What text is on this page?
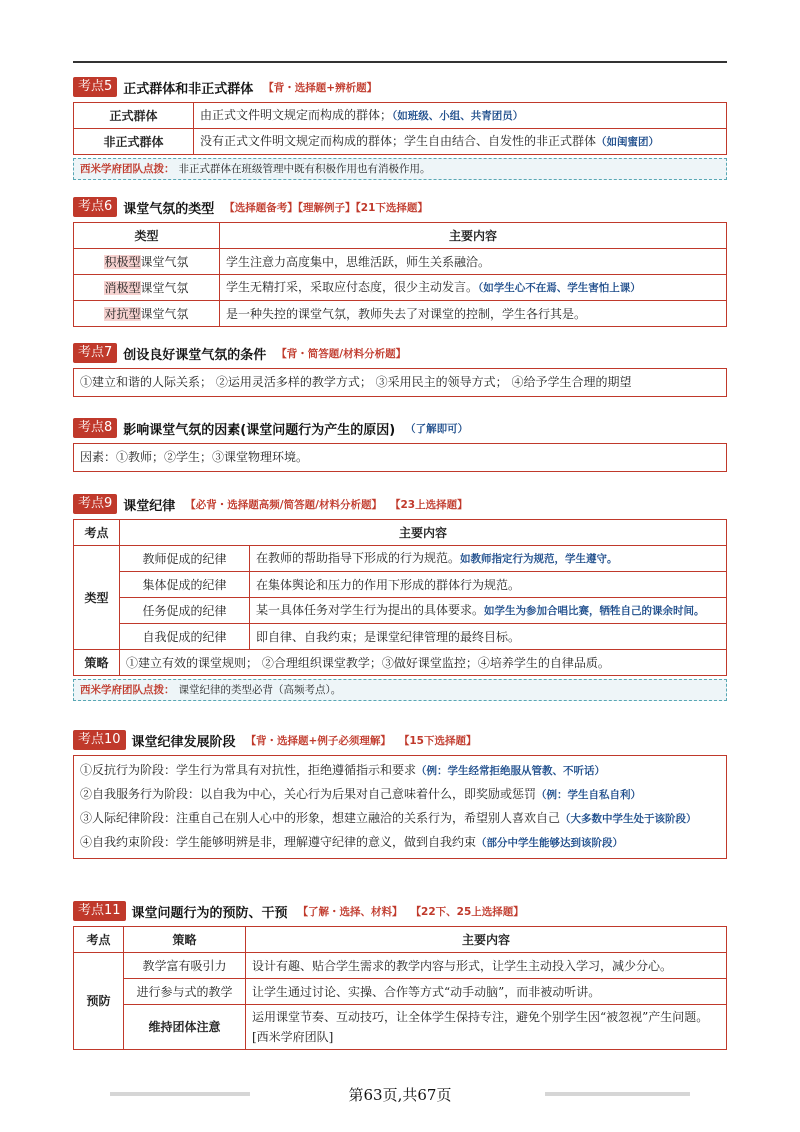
考点5 正式群体和非正式群体 【背・选择题+辨析题】
正式群体	由正式文件明文规定而构成的群体；（如班级、小组、共青团员）
非正式群体	没有正式文件明文规定而构成的群体；学生自由结合、自发性的非正式群体（如闺蜜团）
西米学府团队点拨： 非正式群体在班级管理中既有积极作用也有消极作用。
考点6 课堂气氛的类型 【选择题备考】【理解例子】【21下选择题】
类型	主要内容
积极型课堂气氛	学生注意力高度集中，思维活跃，师生关系融洽。
消极型课堂气氛	学生无精打采，采取应付态度，很少主动发言。（如学生心不在焉、学生害怕上课）
对抗型课堂气氛	是一种失控的课堂气氛，教师失去了对课堂的控制，学生各行其是。
考点7 创设良好课堂气氛的条件 【背・简答题/材料分析题】
①建立和谐的人际关系； ②运用灵活多样的教学方式； ③采用民主的领导方式； ④给予学生合理的期望
考点8 影响课堂气氛的因素(课堂问题行为产生的原因) （了解即可）
因素：①教师；②学生；③课堂物理环境。
考点9 课堂纪律 【必背・选择题高频/简答题/材料分析题】 【23上选择题】
考点	主要内容	
类型	教师促成的纪律	在教师的帮助指导下形成的行为规范。如教师指定行为规范，学生遵守。
	集体促成的纪律	在集体舆论和压力的作用下形成的群体行为规范。
	任务促成的纪律	某一具体任务对学生行为提出的具体要求。如学生为参加合唱比赛，牺牲自己的课余时间。
	自我促成的纪律	即自律、自我约束；是课堂纪律管理的最终目标。
策略	①建立有效的课堂规则； ②合理组织课堂教学；③做好课堂监控；④培养学生的自律品质。	
西米学府团队点拨： 课堂纪律的类型必背（高频考点）。
考点10 课堂纪律发展阶段 【背・选择题+例子必须理解】 【15下选择题】
①反抗行为阶段：学生行为常具有对抗性，拒绝遵循指示和要求（例：学生经常拒绝服从管教、不听话）
②自我服务行为阶段：以自我为中心，关心行为后果对自己意味着什么，即奖励或惩罚（例：学生自私自利）
③人际纪律阶段：注重自己在别人心中的形象，想建立融洽的关系行为，希望别人喜欢自己（大多数中学生处于该阶段）
④自我约束阶段：学生能够明辨是非，理解遵守纪律的意义，做到自我约束（部分中学生能够达到该阶段）
考点11 课堂问题行为的预防、干预 【了解・选择、材料】 【22下、25上选择题】
考点	策略	主要内容
预防	教学富有吸引力	设计有趣、贴合学生需求的教学内容与形式，让学生主动投入学习，减少分心。
	进行参与式的教学	让学生通过讨论、实操、合作等方式“动手动脑”，而非被动听讲。
	维持团体注意	运用课堂节奏、互动技巧，让全体学生保持专注，避免个别学生因“被忽视”产生问题。[西米学府团队]
第63页,共67页
